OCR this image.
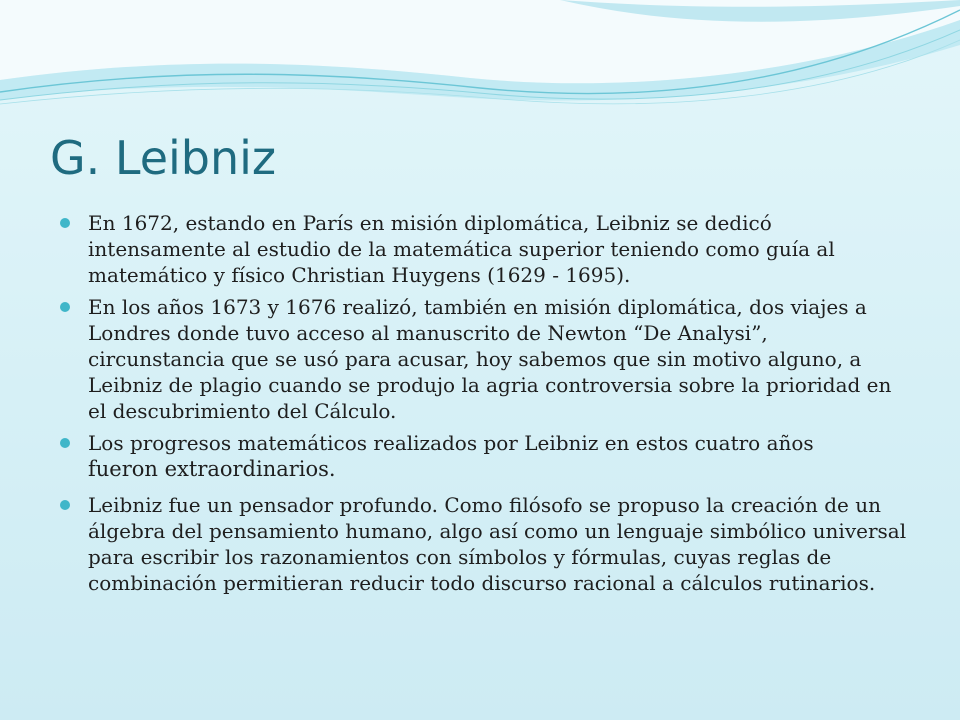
G. Leibniz
En 1672, estando en París en misión diplomática, Leibniz se dedicó intensamente al estudio de la matemática superior teniendo como guía al matemático y físico Christian Huygens (1629 - 1695).
En los años 1673 y 1676 realizó, también en misión diplomática, dos viajes a Londres donde tuvo acceso al manuscrito de Newton “De Analysi”, circunstancia que se usó para acusar, hoy sabemos que sin motivo alguno, a Leibniz de plagio cuando se produjo la agria controversia sobre la prioridad en el descubrimiento del Cálculo.
Los progresos matemáticos realizados por Leibniz en estos cuatro años
fueron extraordinarios.
Leibniz fue un pensador profundo. Como filósofo se propuso la creación de un álgebra del pensamiento humano, algo así como un lenguaje simbólico universal para escribir los razonamientos con símbolos y fórmulas, cuyas reglas de combinación permitieran reducir todo discurso racional a cálculos rutinarios.
